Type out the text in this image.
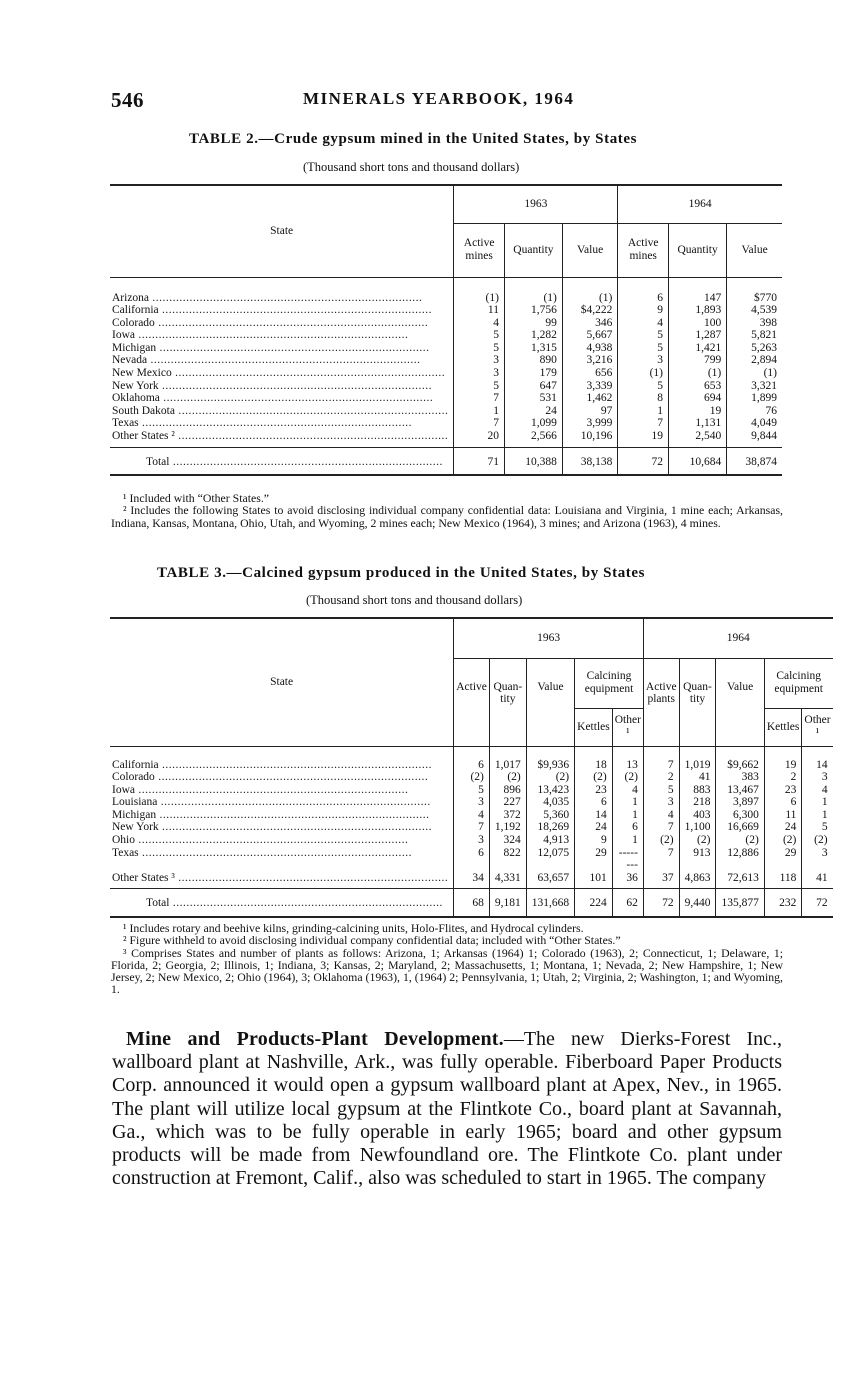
546	MINERALS YEARBOOK, 1964
TABLE 2.—Crude gypsum mined in the United States, by States
(Thousand short tons and thousand dollars)
State	1963			1964		
	Active mines	Quantity	Value	Active mines	Quantity	Value
Arizona .....	(1)	(1)	(1)	6	147	$770
California .....	11	1,756	$4,222	9	1,893	4,539
Colorado .....	4	99	346	4	100	398
Iowa .....	5	1,282	5,667	5	1,287	5,821
Michigan .....	5	1,315	4,938	5	1,421	5,263
Nevada .....	3	890	3,216	3	799	2,894
New Mexico .....	3	179	656	(1)	(1)	(1)
New York .....	5	647	3,339	5	653	3,321
Oklahoma .....	7	531	1,462	8	694	1,899
South Dakota .....	1	24	97	1	19	76
Texas .....	7	1,099	3,999	7	1,131	4,049
Other States ² .....	20	2,566	10,196	19	2,540	9,844
Total .....	71	10,388	38,138	72	10,684	38,874

¹ Included with “Other States.”

² Includes the following States to avoid disclosing individual company confidential data: Louisiana and Virginia, 1 mine each; Arkansas, Indiana, Kansas, Montana, Ohio, Utah, and Wyoming, 2 mines each; New Mexico (1964), 3 mines; and Arizona (1963), 4 mines.

TABLE 3.—Calcined gypsum produced in the United States, by States
(Thousand short tons and thousand dollars)
State	1963					1964				
	Active	Quan- tity	Value	Calcining equipment		Active plants	Quan- tity	Value	Calcining equipment	
				Kettles	Other ¹				Kettles	Other ¹
California .....	6	1,017	$9,936	18	13	7	1,019	$9,662	19	14
Colorado .....	(2)	(2)	(2)	(2)	(2)	2	41	383	2	3
Iowa .....	5	896	13,423	23	4	5	883	13,467	23	4
Louisiana .....	3	227	4,035	6	1	3	218	3,897	6	1
Michigan .....	4	372	5,360	14	1	4	403	6,300	11	1
New York .....	7	1,192	18,269	24	6	7	1,100	16,669	24	5
Ohio .....	3	324	4,913	9	1	(2)	(2)	(2)	(2)	(2)
Texas .....	6	822	12,075	29	--------	7	913	12,886	29	3
Other States ³ .....	34	4,331	63,657	101	36	37	4,863	72,613	118	41
Total .....	68	9,181	131,668	224	62	72	9,440	135,877	232	72

¹ Includes rotary and beehive kilns, grinding-calcining units, Holo-Flites, and Hydrocal cylinders.

² Figure withheld to avoid disclosing individual company confidential data; included with “Other States.”

³ Comprises States and number of plants as follows: Arizona, 1; Arkansas (1964) 1; Colorado (1963), 2; Connecticut, 1; Delaware, 1; Florida, 2; Georgia, 2; Illinois, 1; Indiana, 3; Kansas, 2; Maryland, 2; Massachusetts, 1; Montana, 1; Nevada, 2; New Hampshire, 1; New Jersey, 2; New Mexico, 2; Ohio (1964), 3; Oklahoma (1963), 1, (1964) 2; Pennsylvania, 1; Utah, 2; Virginia, 2; Washington, 1; and Wyoming, 1.

Mine and Products-Plant Development.—The new Dierks-Forest Inc., wallboard plant at Nashville, Ark., was fully operable. Fiberboard Paper Products Corp. announced it would open a gypsum wallboard plant at Apex, Nev., in 1965. The plant will utilize local gypsum at the Flintkote Co., board plant at Savannah, Ga., which was to be fully operable in early 1965; board and other gypsum products will be made from Newfoundland ore. The Flintkote Co. plant under construction at Fremont, Calif., also was scheduled to start in 1965. The company
